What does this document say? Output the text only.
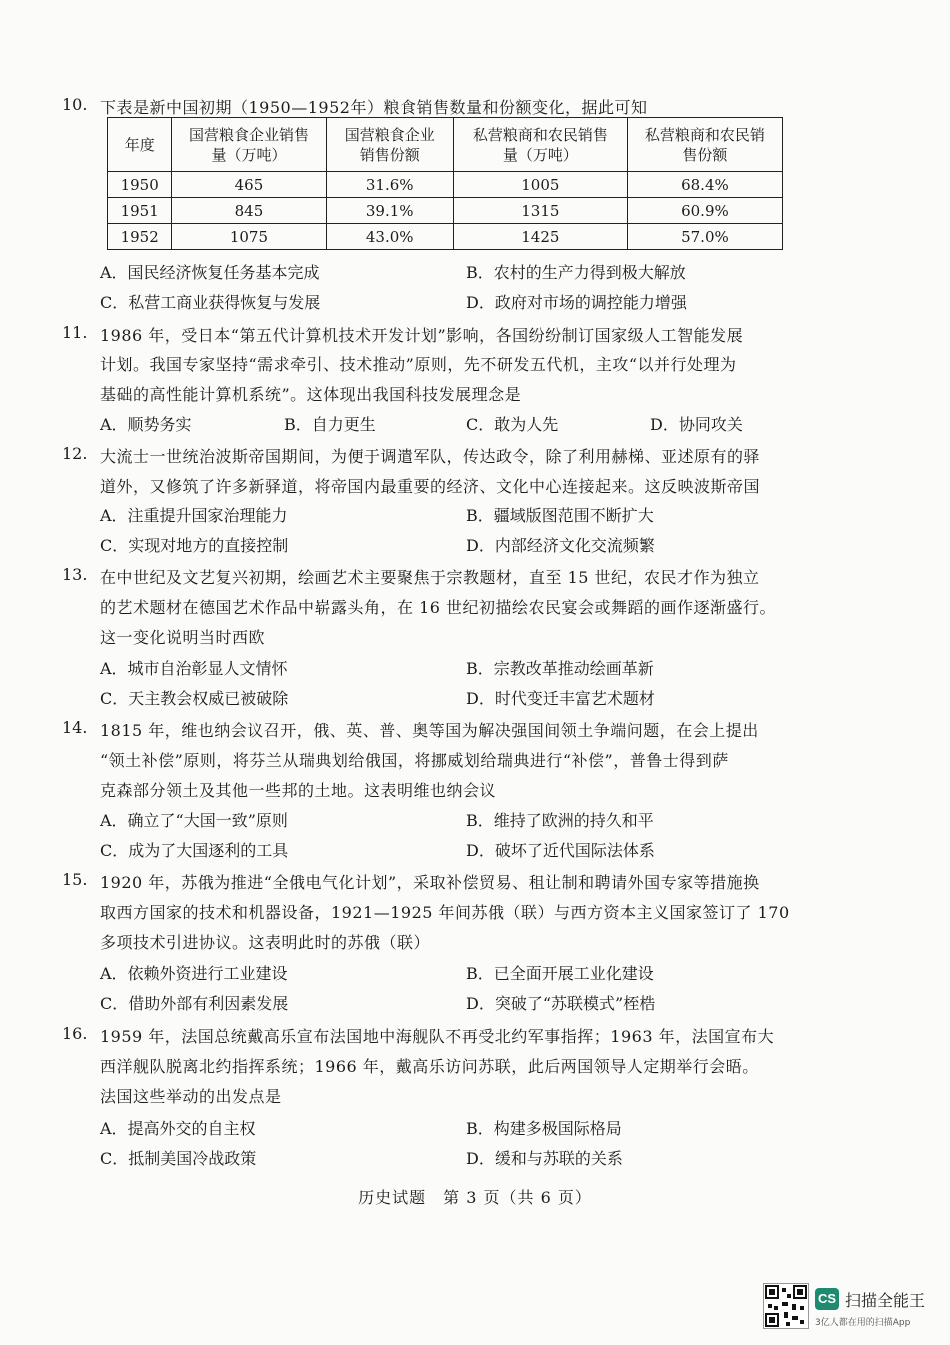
10. 下表是新中国初期（1950—1952年）粮食销售数量和份额变化，据此可知
年度	国营粮食企业销售量（万吨）	国营粮食企业销售份额	私营粮商和农民销售量（万吨）	私营粮商和农民销售份额
1950	465	31.6%	1005	68.4%
1951	845	39.1%	1315	60.9%
1952	1075	43.0%	1425	57.0%
A．国民经济恢复任务基本完成	B．农村的生产力得到极大解放
C．私营工商业获得恢复与发展	D．政府对市场的调控能力增强
11. 1986 年，受日本“第五代计算机技术开发计划”影响，各国纷纷制订国家级人工智能发展
计划。我国专家坚持“需求牵引、技术推动”原则，先不研发五代机，主攻“以并行处理为
基础的高性能计算机系统”。这体现出我国科技发展理念是
A．顺势务实	B．自力更生	C．敢为人先	D．协同攻关
12. 大流士一世统治波斯帝国期间，为便于调遣军队，传达政令，除了利用赫梯、亚述原有的驿
道外，又修筑了许多新驿道，将帝国内最重要的经济、文化中心连接起来。这反映波斯帝国
A．注重提升国家治理能力	B．疆域版图范围不断扩大
C．实现对地方的直接控制	D．内部经济文化交流频繁
13. 在中世纪及文艺复兴初期，绘画艺术主要聚焦于宗教题材，直至 15 世纪，农民才作为独立
的艺术题材在德国艺术作品中崭露头角，在 16 世纪初描绘农民宴会或舞蹈的画作逐渐盛行。
这一变化说明当时西欧
A．城市自治彰显人文情怀	B．宗教改革推动绘画革新
C．天主教会权威已被破除	D．时代变迁丰富艺术题材
14. 1815 年，维也纳会议召开，俄、英、普、奥等国为解决强国间领土争端问题，在会上提出
“领土补偿”原则，将芬兰从瑞典划给俄国，将挪威划给瑞典进行“补偿”，普鲁士得到萨
克森部分领土及其他一些邦的土地。这表明维也纳会议
A．确立了“大国一致”原则	B．维持了欧洲的持久和平
C．成为了大国逐利的工具	D．破坏了近代国际法体系
15. 1920 年，苏俄为推进“全俄电气化计划”，采取补偿贸易、租让制和聘请外国专家等措施换
取西方国家的技术和机器设备，1921—1925 年间苏俄（联）与西方资本主义国家签订了 170
多项技术引进协议。这表明此时的苏俄（联）
A．依赖外资进行工业建设	B．已全面开展工业化建设
C．借助外部有利因素发展	D．突破了“苏联模式”桎梏
16. 1959 年，法国总统戴高乐宣布法国地中海舰队不再受北约军事指挥；1963 年，法国宣布大
西洋舰队脱离北约指挥系统；1966 年，戴高乐访问苏联，此后两国领导人定期举行会晤。
法国这些举动的出发点是
A．提高外交的自主权	B．构建多极国际格局
C．抵制美国冷战政策	D．缓和与苏联的关系
历史试题　第 3 页（共 6 页）
CS 扫描全能王
3亿人都在用的扫描App
